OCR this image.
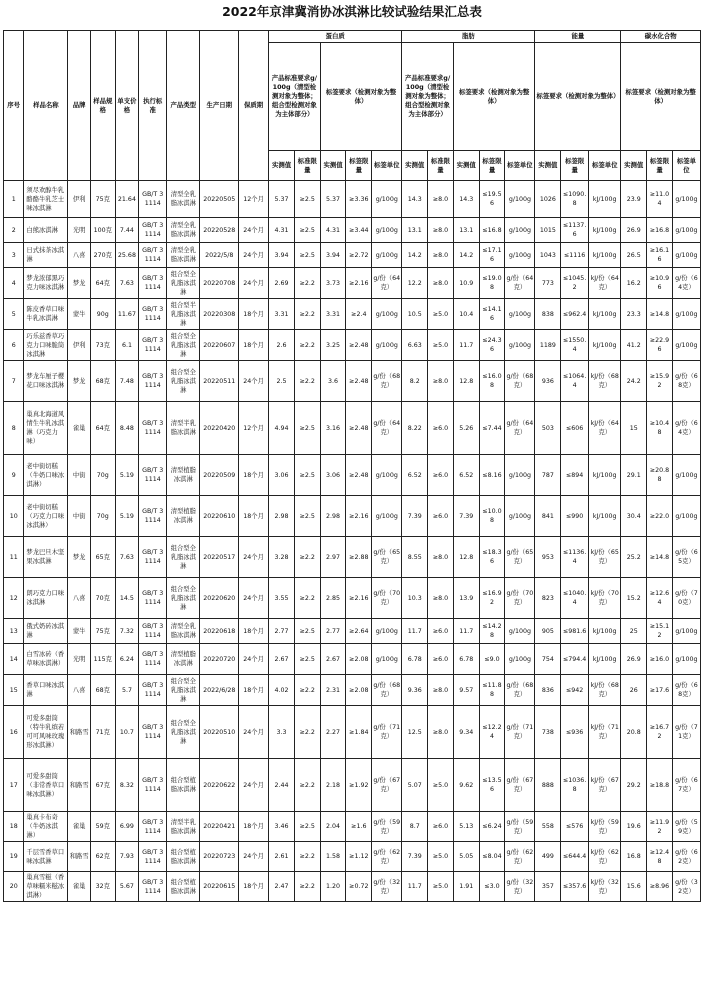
2022年京津冀消协冰淇淋比较试验结果汇总表
序号	样品名称	品牌	样品规格	单支价格	执行标准	产品类型	生产日期	保质期	蛋白质					脂肪					能量			碳水化合物		
									产品标准要求g/100g（清型检测对象为整体；组合型检测对象为主体部分）		标签要求（检测对象为整体）			产品标准要求g/100g（清型检测对象为整体；组合型检测对象为主体部分）		标签要求（检测对象为整体）			标签要求（检测对象为整体）			标签要求（检测对象为整体）		
									实测值	标准限量	实测值	标签限量	标签单位	实测值	标准限量	实测值	标签限量	标签单位	实测值	标签限量	标签单位	实测值	标签限量	标签单位
1	须尽欢醇牛乳酪酪牛乳芝士味冰淇淋	伊利	75克	21.64	GB/T 31114	清型全乳脂冰淇淋	20220505	12个月	5.37	≥2.5	5.37	≥3.36	g/100g	14.3	≥8.0	14.3	≤19.56	g/100g	1026	≤1090.8	kJ/100g	23.9	≥11.04	g/100g
2	白熊冰淇淋	光明	100克	7.44	GB/T 31114	清型全乳脂冰淇淋	20220528	24个月	4.31	≥2.5	4.31	≥3.44	g/100g	13.1	≥8.0	13.1	≤16.8	g/100g	1015	≤1137.6	kJ/100g	26.9	≥16.8	g/100g
3	日式抹茶冰淇淋	八喜	270克	25.68	GB/T 31114	清型全乳脂冰淇淋	2022/5/8	24个月	3.94	≥2.5	3.94	≥2.72	g/100g	14.2	≥8.0	14.2	≤17.16	g/100g	1043	≤1116	kJ/100g	26.5	≥16.16	g/100g
4	梦龙浓郁黑巧克力味冰淇淋	梦龙	64克	7.63	GB/T 31114	组合型全乳脂冰淇淋	20220708	24个月	2.69	≥2.2	3.73	≥2.16	g/份（64克）	12.2	≥8.0	10.9	≤19.08	g/份（64克）	773	≤1045.2	kJ/份（64克）	16.2	≥10.96	g/份（64克）
5	陈皮香草口味牛乳冰淇淋	蒙牛	90g	11.67	GB/T 31114	组合型半乳脂冰淇淋	20220308	18个月	3.31	≥2.2	3.31	≥2.4	g/100g	10.5	≥5.0	10.4	≤14.16	g/100g	838	≤962.4	kJ/100g	23.3	≥14.8	g/100g
6	巧乐兹香草巧克力口味脆筒冰淇淋	伊利	73克	6.1	GB/T 31114	组合型全乳脂冰淇淋	20220607	18个月	2.6	≥2.2	3.25	≥2.48	g/100g	6.63	≥5.0	11.7	≤24.36	g/100g	1189	≤1550.4	kJ/100g	41.2	≥22.96	g/100g
7	梦龙车厘子樱花口味冰淇淋	梦龙	68克	7.48	GB/T 31114	组合型全乳脂冰淇淋	20220511	24个月	2.5	≥2.2	3.6	≥2.48	g/份（68克）	8.2	≥8.0	12.8	≤16.08	g/份（68克）	936	≤1064.4	kJ/份（68克）	24.2	≥15.92	g/份（68克）
8	巢真北海道风情生牛乳冰淇淋（巧克力味）	雀巢	64克	8.48	GB/T 31114	清型半乳脂冰淇淋	20220420	12个月	4.94	≥2.5	3.16	≥2.48	g/份（64克）	8.22	≥6.0	5.26	≤7.44	g/份（64克）	503	≤606	kJ/份（64克）	15	≥10.48	g/份（64克）
9	老中街切糕（牛奶口味冰淇淋）	中街	70g	5.19	GB/T 31114	清型植脂冰淇淋	20220509	18个月	3.06	≥2.5	3.06	≥2.48	g/100g	6.52	≥6.0	6.52	≤8.16	g/100g	787	≤894	kJ/100g	29.1	≥20.88	g/100g
10	老中街切糕（巧克力口味冰淇淋）	中街	70g	5.19	GB/T 31114	清型植脂冰淇淋	20220610	18个月	2.98	≥2.5	2.98	≥2.16	g/100g	7.39	≥6.0	7.39	≤10.08	g/100g	841	≤990	kJ/100g	30.4	≥22.0	g/100g
11	梦龙巴旦木坚果冰淇淋	梦龙	65克	7.63	GB/T 31114	组合型全乳脂冰淇淋	20220517	24个月	3.28	≥2.2	2.97	≥2.88	g/份（65克）	8.55	≥8.0	12.8	≤18.36	g/份（65克）	953	≤1136.4	kJ/份（65克）	25.2	≥14.8	g/份（65克）
12	朗巧克力口味冰淇淋	八喜	70克	14.5	GB/T 31114	组合型全乳脂冰淇淋	20220620	24个月	3.55	≥2.2	2.85	≥2.16	g/份（70克）	10.3	≥8.0	13.9	≤16.92	g/份（70克）	823	≤1040.4	kJ/份（70克）	15.2	≥12.64	g/份（70克）
13	俄式奶砖冰淇淋	蒙牛	75克	7.32	GB/T 31114	清型全乳脂冰淇淋	20220618	18个月	2.77	≥2.5	2.77	≥2.64	g/100g	11.7	≥6.0	11.7	≤14.28	g/100g	905	≤981.6	kJ/100g	25	≥15.12	g/100g
14	白雪冰砖（香草味冰淇淋）	光明	115克	6.24	GB/T 31114	清型植脂冰淇淋	20220720	24个月	2.67	≥2.5	2.67	≥2.08	g/100g	6.78	≥6.0	6.78	≤9.0	g/100g	754	≤794.4	kJ/100g	26.9	≥16.0	g/100g
15	香草口味冰淇淋	八喜	68克	5.7	GB/T 31114	组合型全乳脂冰淇淋	2022/6/28	18个月	4.02	≥2.2	2.31	≥2.08	g/份（68克）	9.36	≥8.0	9.57	≤11.88	g/份（68克）	836	≤942	kJ/份（68克）	26	≥17.6	g/份（68克）
16	可爱多甜筒（特牛乳缤若可可风味玫瑰形冰淇淋）	和路雪	71克	10.7	GB/T 31114	组合型全乳脂冰淇淋	20220510	24个月	3.3	≥2.2	2.27	≥1.84	g/份（71克）	12.5	≥8.0	9.34	≤12.24	g/份（71克）	738	≤936	kJ/份（71克）	20.8	≥16.72	g/份（71克）
17	可爱多甜筒（非常香草口味冰淇淋）	和路雪	67克	8.32	GB/T 31114	组合型植脂冰淇淋	20220622	24个月	2.44	≥2.2	2.18	≥1.92	g/份（67克）	5.07	≥5.0	9.62	≤13.56	g/份（67克）	888	≤1036.8	kJ/份（67克）	29.2	≥18.8	g/份（67克）
18	巢真卡布奇（牛奶冰淇淋）	雀巢	59克	6.99	GB/T 31114	清型半乳脂冰淇淋	20220421	18个月	3.46	≥2.5	2.04	≥1.6	g/份（59克）	8.7	≥6.0	5.13	≤6.24	g/份（59克）	558	≤576	kJ/份（59克）	19.6	≥11.92	g/份（59克）
19	千层雪香草口味冰淇淋	和路雪	62克	7.93	GB/T 31114	组合型植脂冰淇淋	20220723	24个月	2.61	≥2.2	1.58	≥1.12	g/份（62克）	7.39	≥5.0	5.05	≤8.04	g/份（62克）	499	≤644.4	kJ/份（62克）	16.8	≥12.48	g/份（62克）
20	巢真雪糍（香草味糯米糍冰淇淋）	雀巢	32克	5.67	GB/T 31114	组合型植脂冰淇淋	20220615	18个月	2.47	≥2.2	1.20	≥0.72	g/份（32克）	11.7	≥5.0	1.91	≤3.0	g/份（32克）	357	≤357.6	kJ/份（32克）	15.6	≥8.96	g/份（32克）
